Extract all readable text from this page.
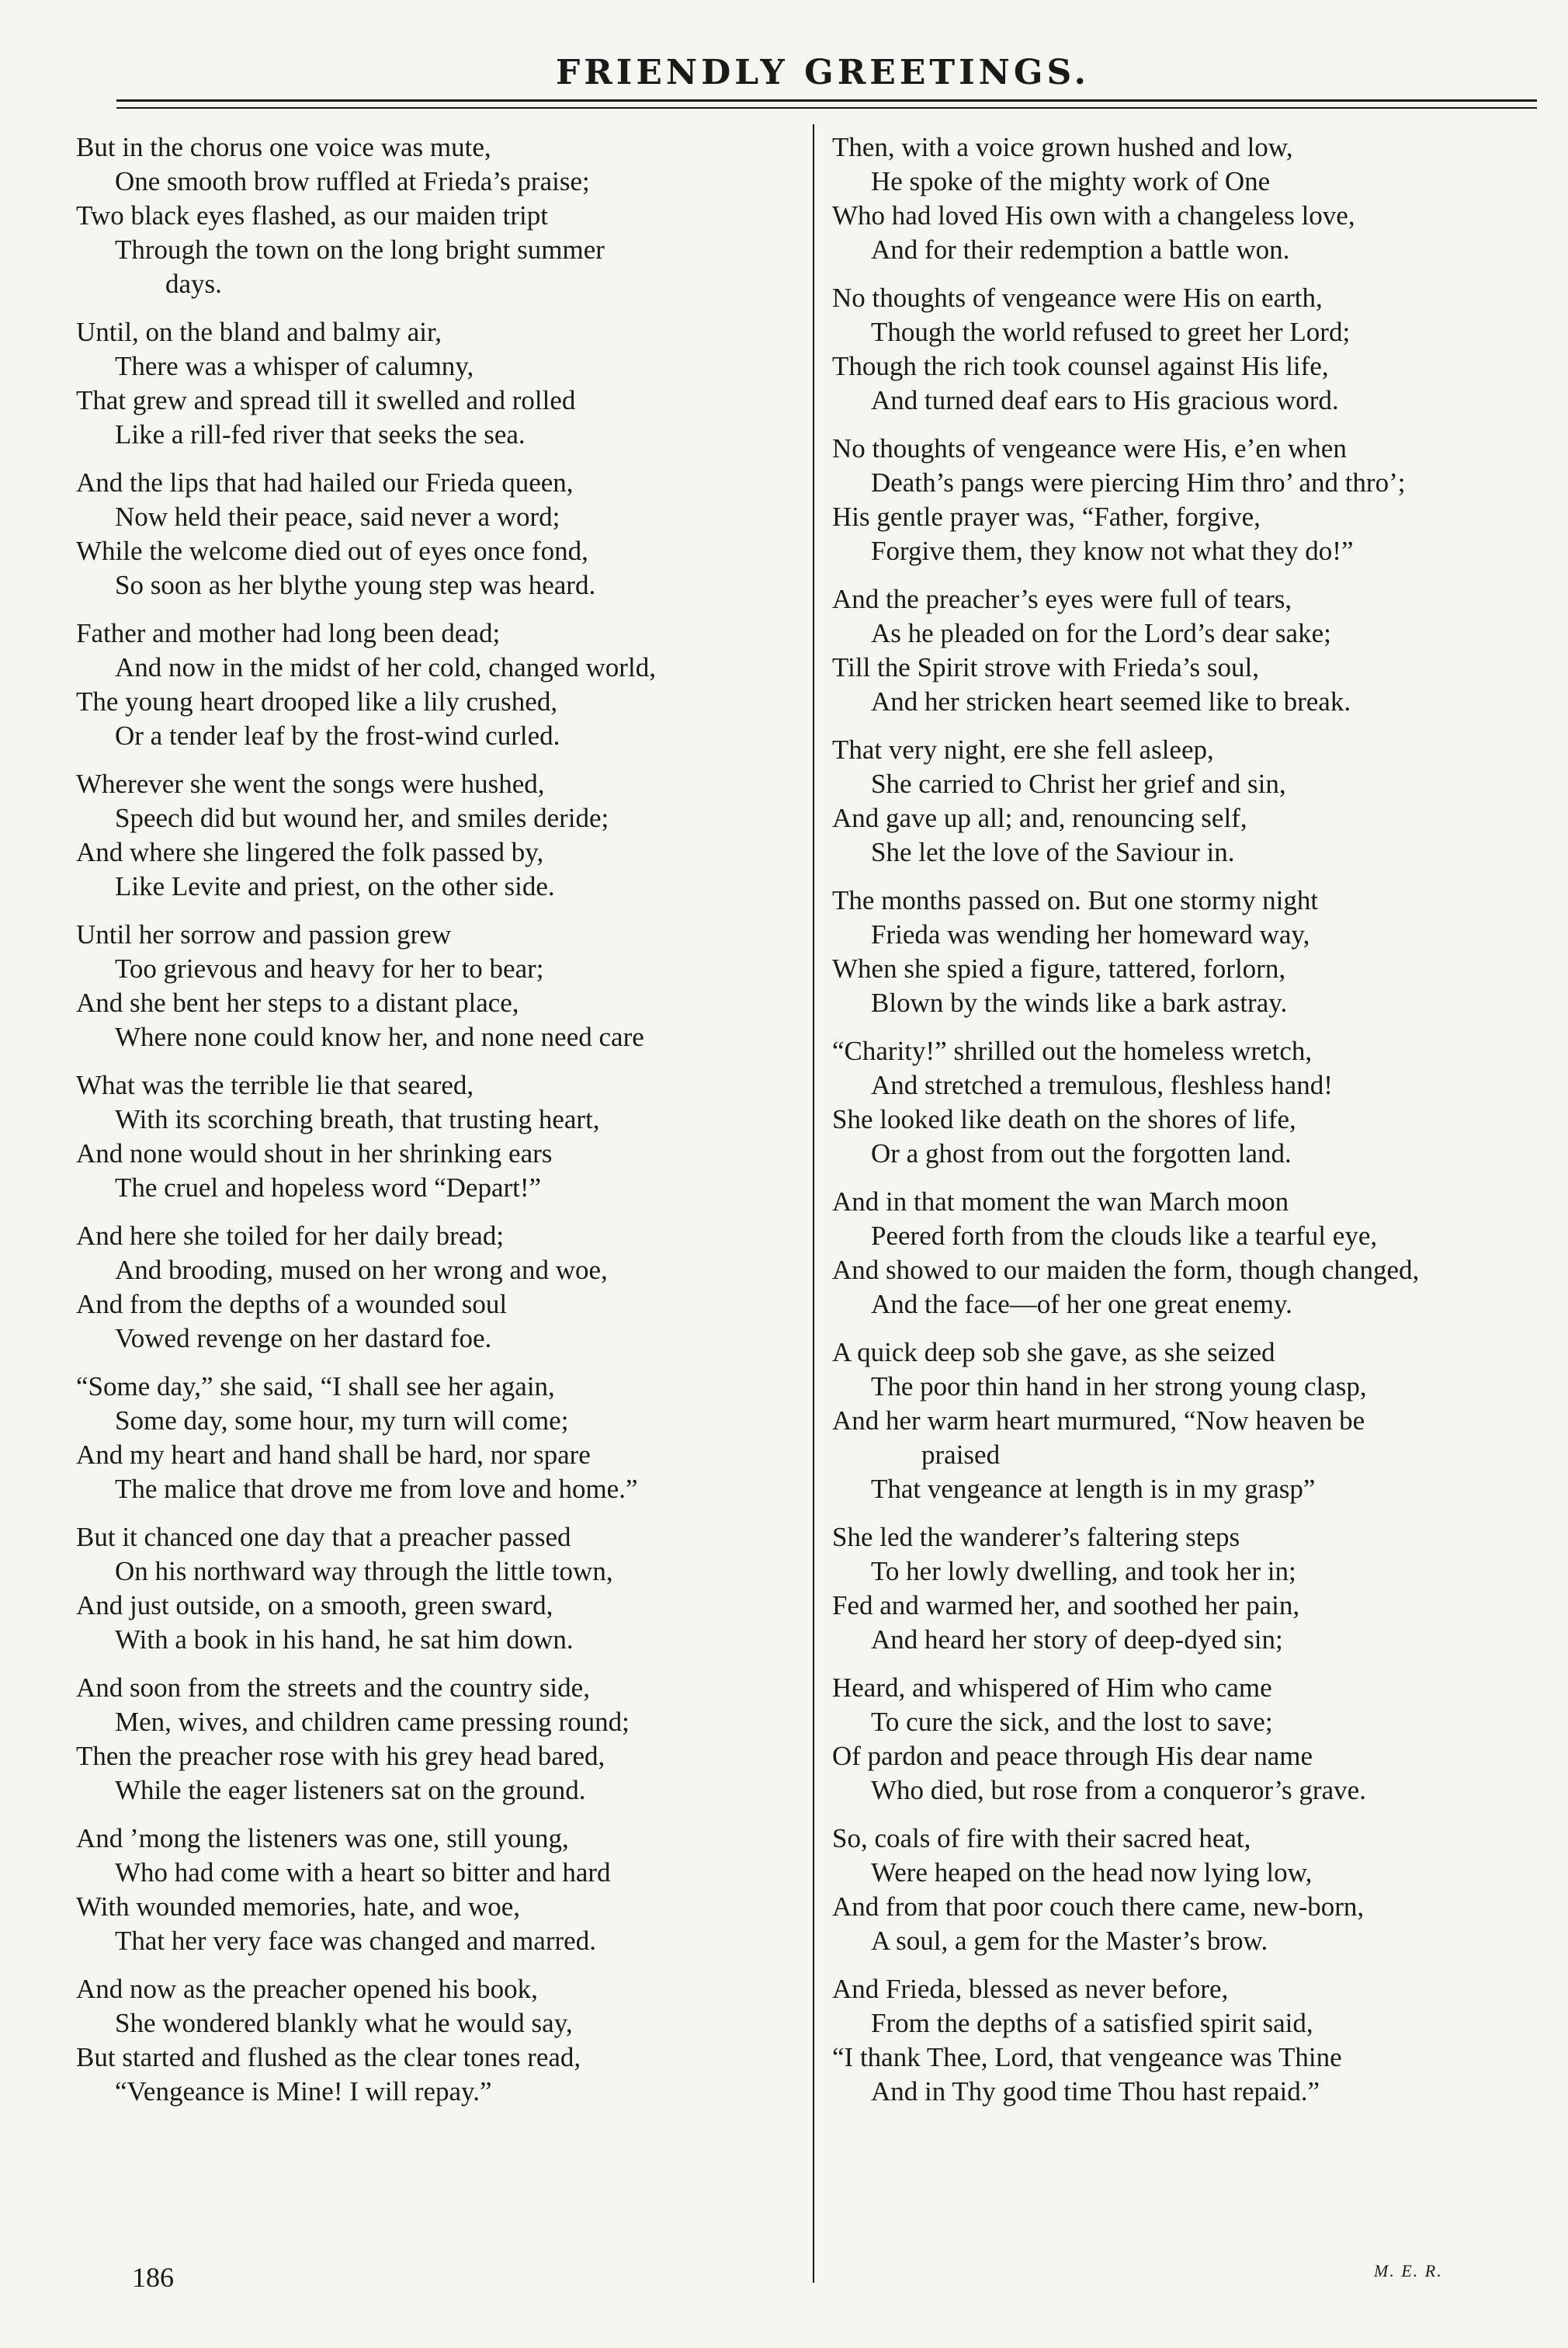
FRIENDLY GREETINGS.
But in the chorus one voice was mute,
One smooth brow ruffled at Frieda’s praise;
Two black eyes flashed, as our maiden tript
Through the town on the long bright summer
days.
Until, on the bland and balmy air,
There was a whisper of calumny,
That grew and spread till it swelled and rolled
Like a rill-fed river that seeks the sea.
And the lips that had hailed our Frieda queen,
Now held their peace, said never a word;
While the welcome died out of eyes once fond,
So soon as her blythe young step was heard.
Father and mother had long been dead;
And now in the midst of her cold, changed world,
The young heart drooped like a lily crushed,
Or a tender leaf by the frost-wind curled.
Wherever she went the songs were hushed,
Speech did but wound her, and smiles deride;
And where she lingered the folk passed by,
Like Levite and priest, on the other side.
Until her sorrow and passion grew
Too grievous and heavy for her to bear;
And she bent her steps to a distant place,
Where none could know her, and none need care
What was the terrible lie that seared,
With its scorching breath, that trusting heart,
And none would shout in her shrinking ears
The cruel and hopeless word “Depart!”
And here she toiled for her daily bread;
And brooding, mused on her wrong and woe,
And from the depths of a wounded soul
Vowed revenge on her dastard foe.
“Some day,” she said, “I shall see her again,
Some day, some hour, my turn will come;
And my heart and hand shall be hard, nor spare
The malice that drove me from love and home.”
But it chanced one day that a preacher passed
On his northward way through the little town,
And just outside, on a smooth, green sward,
With a book in his hand, he sat him down.
And soon from the streets and the country side,
Men, wives, and children came pressing round;
Then the preacher rose with his grey head bared,
While the eager listeners sat on the ground.
And ’mong the listeners was one, still young,
Who had come with a heart so bitter and hard
With wounded memories, hate, and woe,
That her very face was changed and marred.
And now as the preacher opened his book,
She wondered blankly what he would say,
But started and flushed as the clear tones read,
“Vengeance is Mine! I will repay.”
Then, with a voice grown hushed and low,
He spoke of the mighty work of One
Who had loved His own with a changeless love,
And for their redemption a battle won.
No thoughts of vengeance were His on earth,
Though the world refused to greet her Lord;
Though the rich took counsel against His life,
And turned deaf ears to His gracious word.
No thoughts of vengeance were His, e’en when
Death’s pangs were piercing Him thro’ and thro’;
His gentle prayer was, “Father, forgive,
Forgive them, they know not what they do!”
And the preacher’s eyes were full of tears,
As he pleaded on for the Lord’s dear sake;
Till the Spirit strove with Frieda’s soul,
And her stricken heart seemed like to break.
That very night, ere she fell asleep,
She carried to Christ her grief and sin,
And gave up all; and, renouncing self,
She let the love of the Saviour in.
The months passed on. But one stormy night
Frieda was wending her homeward way,
When she spied a figure, tattered, forlorn,
Blown by the winds like a bark astray.
“Charity!” shrilled out the homeless wretch,
And stretched a tremulous, fleshless hand!
She looked like death on the shores of life,
Or a ghost from out the forgotten land.
And in that moment the wan March moon
Peered forth from the clouds like a tearful eye,
And showed to our maiden the form, though changed,
And the face—of her one great enemy.
A quick deep sob she gave, as she seized
The poor thin hand in her strong young clasp,
And her warm heart murmured, “Now heaven be
praised
That vengeance at length is in my grasp”
She led the wanderer’s faltering steps
To her lowly dwelling, and took her in;
Fed and warmed her, and soothed her pain,
And heard her story of deep-dyed sin;
Heard, and whispered of Him who came
To cure the sick, and the lost to save;
Of pardon and peace through His dear name
Who died, but rose from a conqueror’s grave.
So, coals of fire with their sacred heat,
Were heaped on the head now lying low,
And from that poor couch there came, new-born,
A soul, a gem for the Master’s brow.
And Frieda, blessed as never before,
From the depths of a satisfied spirit said,
“I thank Thee, Lord, that vengeance was Thine
And in Thy good time Thou hast repaid.”
186	M. E. R.
